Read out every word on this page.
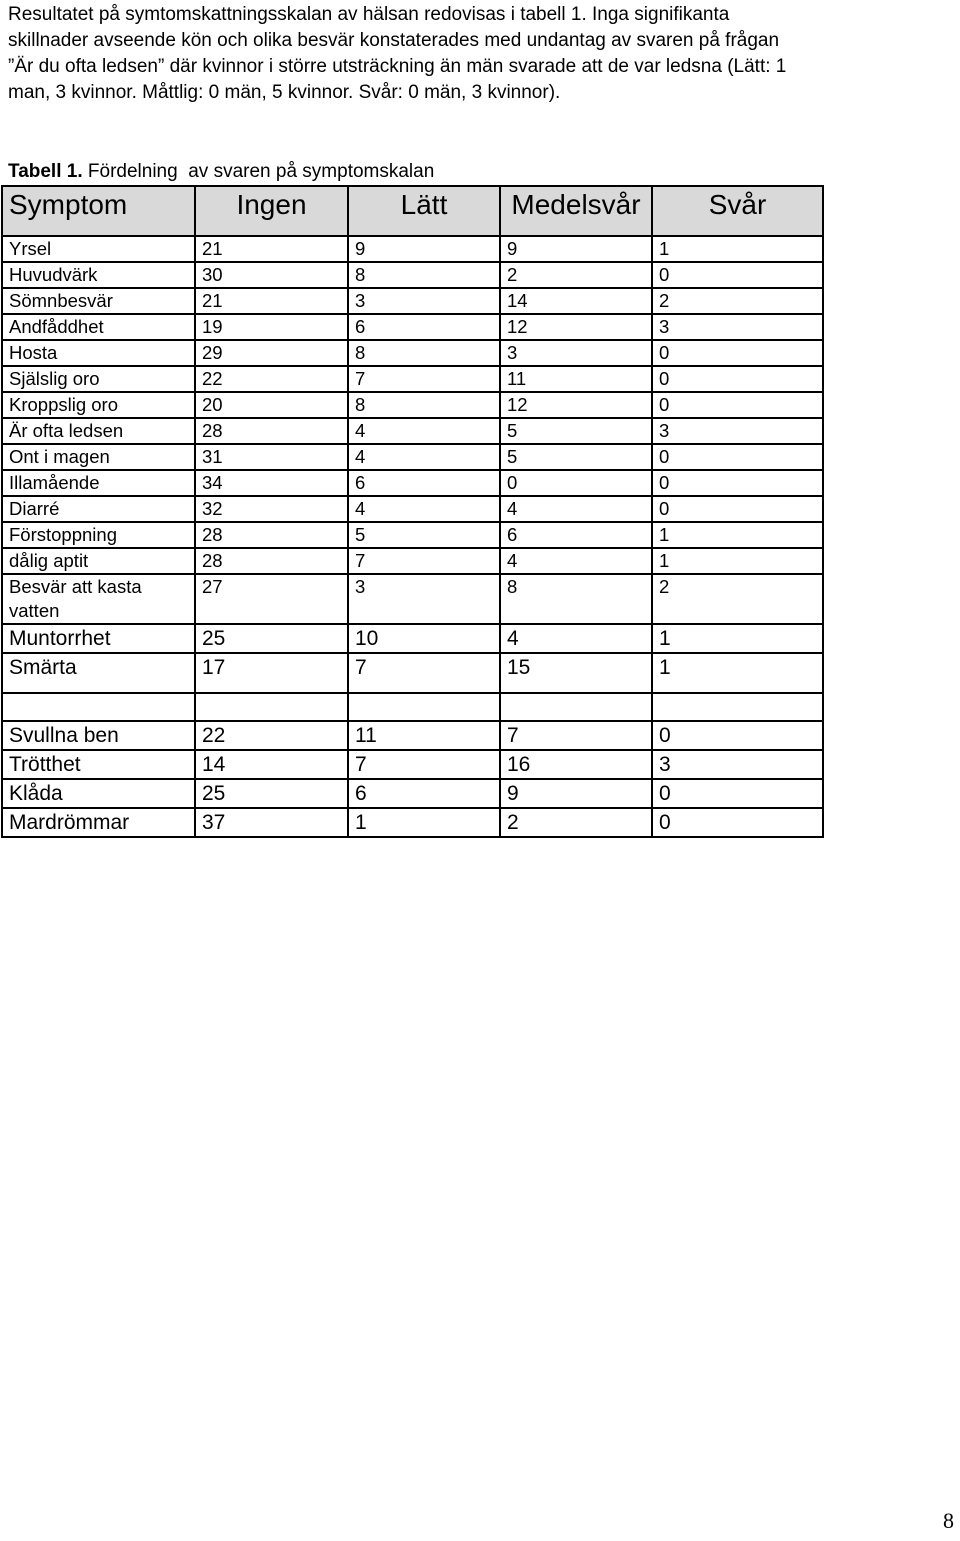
Resultatet på symtomskattningsskalan av hälsan redovisas i tabell 1. Inga signifikanta
skillnader avseende kön och olika besvär konstaterades med undantag av svaren på frågan
”Är du ofta ledsen” där kvinnor i större utsträckning än män svarade att de var ledsna (Lätt: 1
man, 3 kvinnor. Måttlig: 0 män, 5 kvinnor. Svår: 0 män, 3 kvinnor).
Tabell 1. Fördelning  av svaren på symptomskalan
Symptom	Ingen	Lätt	Medelsvår	Svår
Yrsel	21	9	9	1
Huvudvärk	30	8	2	0
Sömnbesvär	21	3	14	2
Andfåddhet	19	6	12	3
Hosta	29	8	3	0
Själslig oro	22	7	11	0
Kroppslig oro	20	8	12	0
Är ofta ledsen	28	4	5	3
Ont i magen	31	4	5	0
Illamående	34	6	0	0
Diarré	32	4	4	0
Förstoppning	28	5	6	1
dålig aptit	28	7	4	1
Besvär att kasta vatten	27	3	8	2
Muntorrhet	25	10	4	1
Smärta	17	7	15	1

Svullna ben	22	11	7	0
Trötthet	14	7	16	3
Klåda	25	6	9	0
Mardrömmar	37	1	2	0
8
